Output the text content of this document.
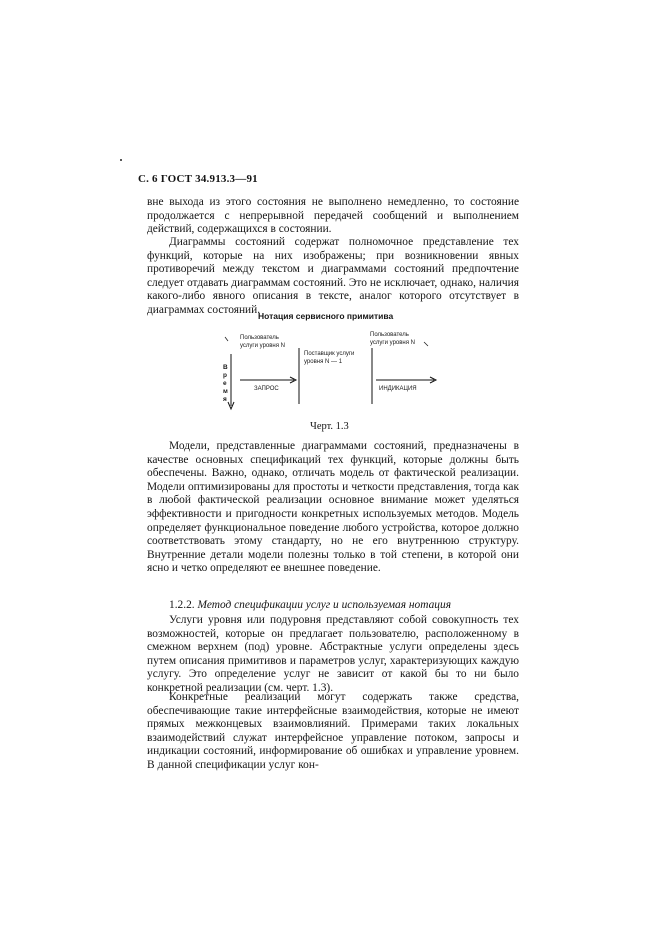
С. 6 ГОСТ 34.913.3—91

вне выхода из этого состояния не выполнено немедленно, то состояние продолжается с непрерывной передачей сообщений и выполнением действий, содержащихся в состоянии.

Диаграммы состояний содержат полномочное представление тех функций, которые на них изображены; при возникновении явных противоречий между текстом и диаграммами состояний предпочтение следует отдавать диаграммам состояний. Это не исключает, однако, наличия какого-либо явного описания в тексте, аналог которого отсутствует в диаграммах состояний.

Нотация сервисного примитива
Пользователь
услуги уровня N
Поставщик услуги
уровня N — 1
Пользователь
услуги уровня N
В
р
е
м
я
ЗАПРОС	ИНДИКАЦИЯ
Черт. 1.3

Модели, представленные диаграммами состояний, предназначены в качестве основных спецификаций тех функций, которые должны быть обеспечены. Важно, однако, отличать модель от фактической реализации. Модели оптимизированы для простоты и четкости представления, тогда как в любой фактической реализации основное внимание может уделяться эффективности и пригодности конкретных используемых методов. Модель определяет функциональное поведение любого устройства, которое должно соответствовать этому стандарту, но не его внутреннюю структуру. Внутренние детали модели полезны только в той степени, в которой они ясно и четко определяют ее внешнее поведение.

1.2.2. Метод спецификации услуг и используемая нотация

Услуги уровня или подуровня представляют собой совокупность тех возможностей, которые он предлагает пользователю, расположенному в смежном верхнем (под) уровне. Абстрактные услуги определены здесь путем описания примитивов и параметров услуг, характеризующих каждую услугу. Это определение услуг не зависит от какой бы то ни было конкретной реализации (см. черт. 1.3).

Конкретные реализации могут содержать также средства, обеспечивающие такие интерфейсные взаимодействия, которые не имеют прямых межконцевых взаимовлияний. Примерами таких локальных взаимодействий служат интерфейсное управление потоком, запросы и индикации состояний, информирование об ошибках и управление уровнем. В данной спецификации услуг кон-
